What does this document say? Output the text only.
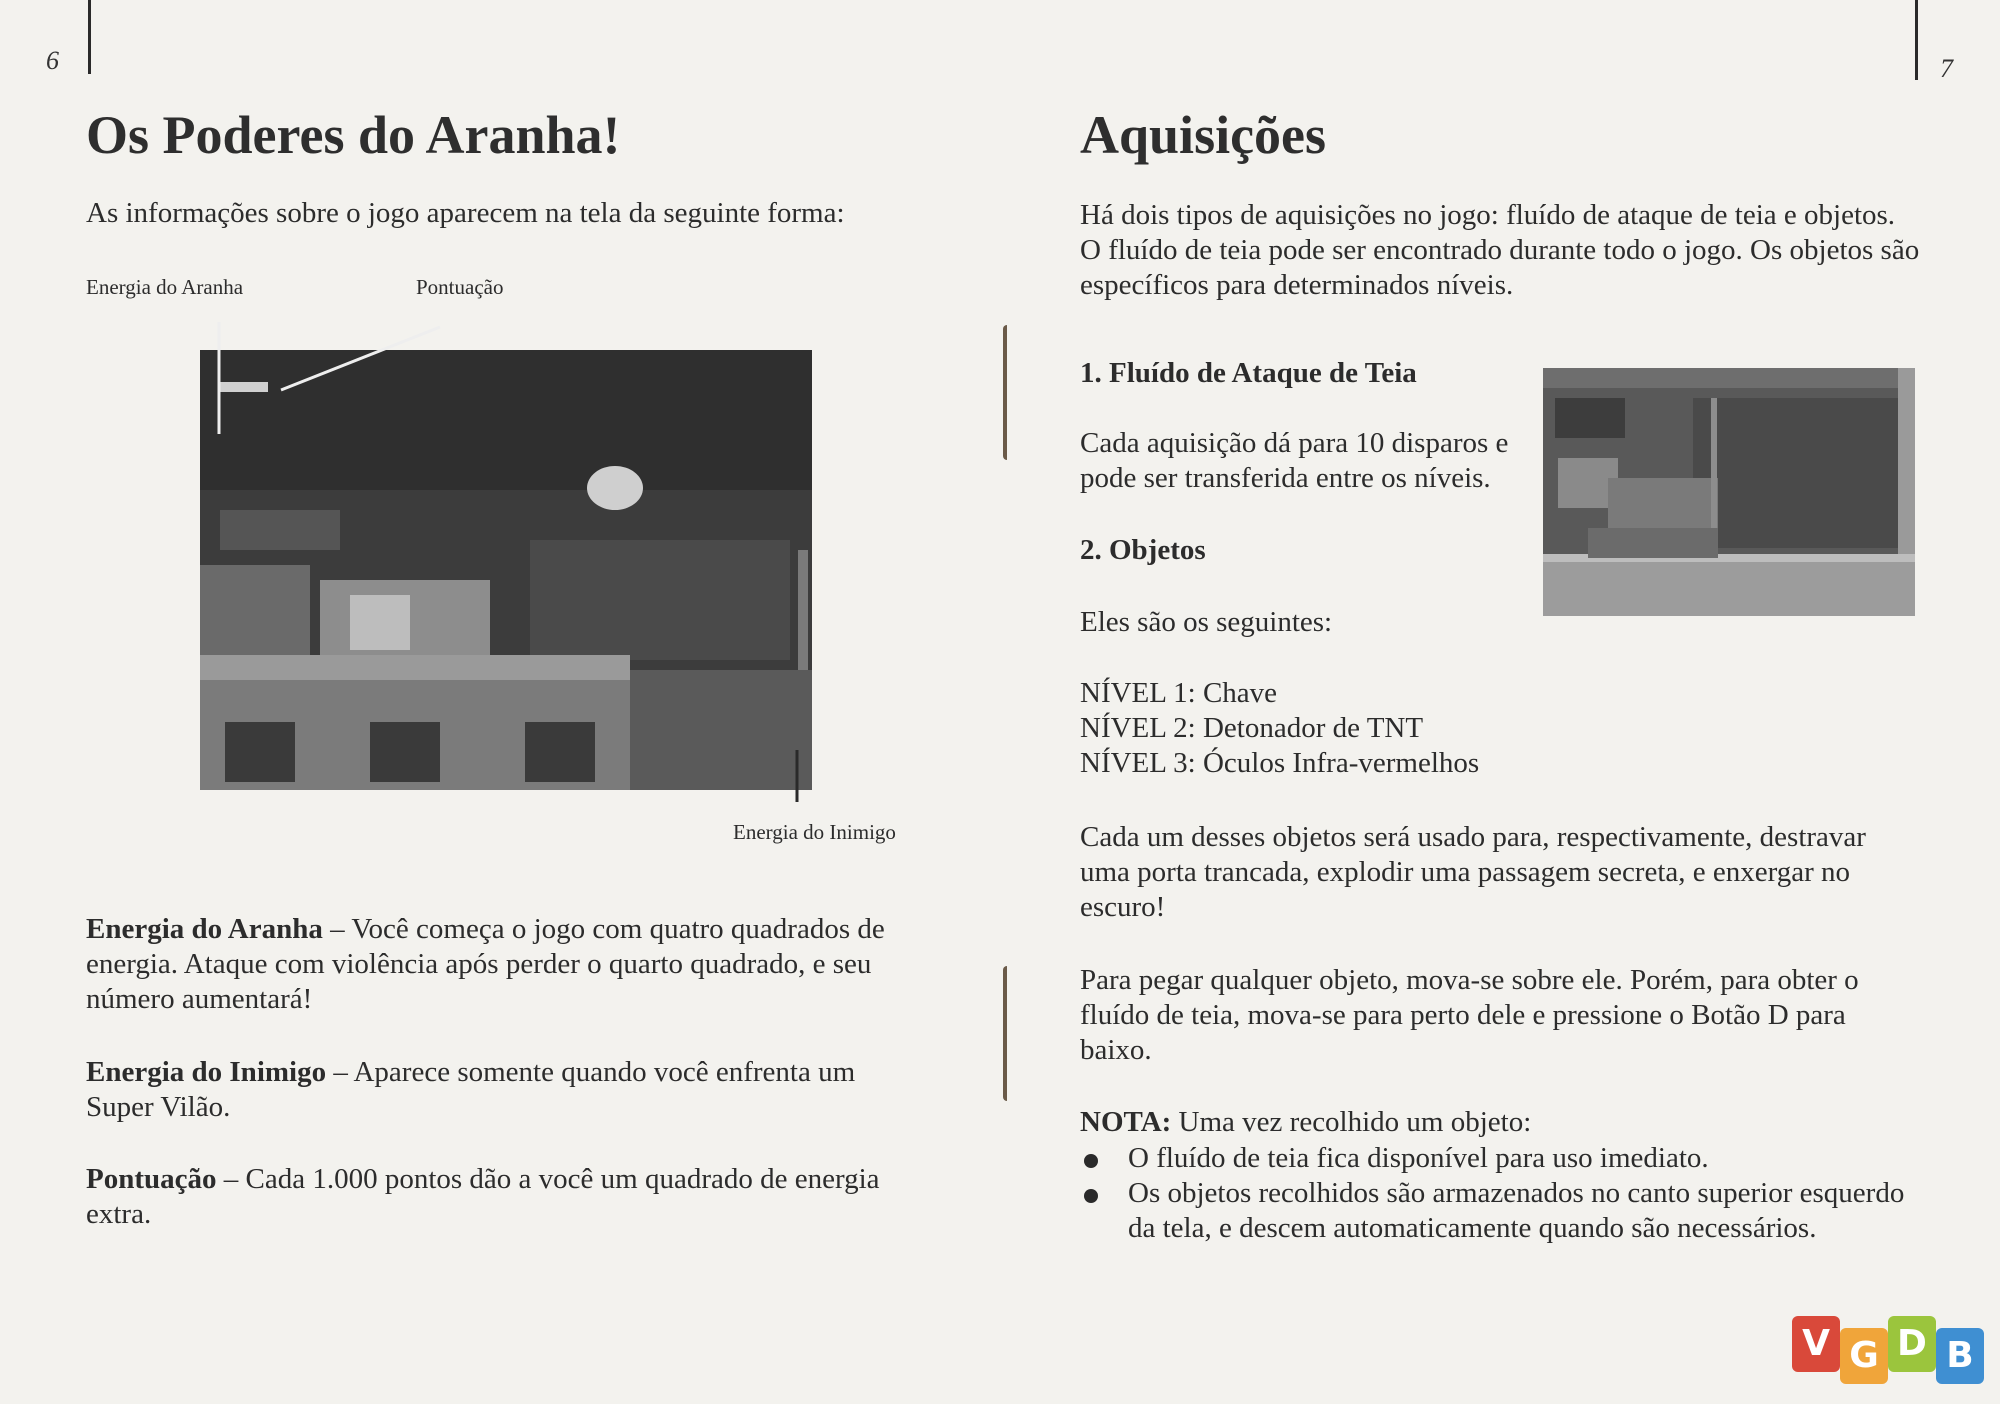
6
Os Poderes do Aranha!

As informações sobre o jogo aparecem na tela da seguinte forma:

Energia do Aranha	Pontuação
Energia do Inimigo

Energia do Aranha – Você começa o jogo com quatro quadrados de energia. Ataque com violência após perder o quarto quadrado, e seu número aumentará!

Energia do Inimigo – Aparece somente quando você enfrenta um Super Vilão.

Pontuação – Cada 1.000 pontos dão a você um quadrado de energia extra.

7
Aquisições

Há dois tipos de aquisições no jogo: fluído de ataque de teia e objetos. O fluído de teia pode ser encontrado durante todo o jogo. Os objetos são específicos para determinados níveis.

1. Fluído de Ataque de Teia

Cada aquisição dá para 10 disparos e pode ser transferida entre os níveis.

2. Objetos

Eles são os seguintes:

NÍVEL 1: Chave
NÍVEL 2: Detonador de TNT
NÍVEL 3: Óculos Infra-vermelhos

Cada um desses objetos será usado para, respectivamente, destravar uma porta trancada, explodir uma passagem secreta, e enxergar no escuro!

Para pegar qualquer objeto, mova-se sobre ele. Porém, para obter o fluído de teia, mova-se para perto dele e pressione o Botão D para baixo.

NOTA: Uma vez recolhido um objeto:

O fluído de teia fica disponível para uso imediato.
Os objetos recolhidos são armazenados no canto superior esquerdo da tela, e descem automaticamente quando são necessários.
V G D B
